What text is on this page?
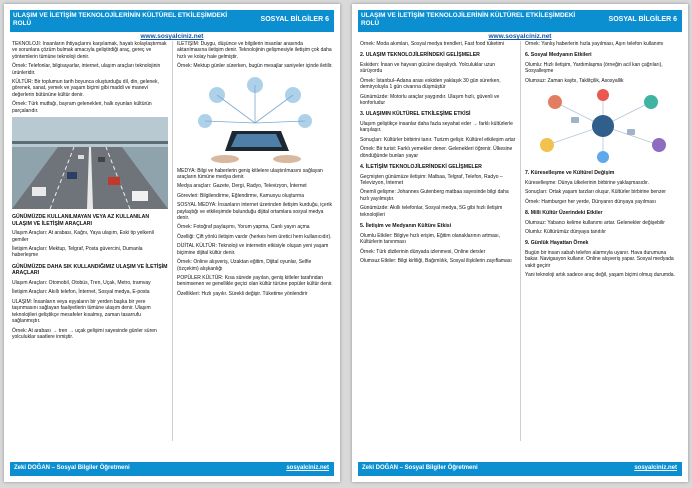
ULAŞIM VE İLETİŞİM TEKNOLOJİLERİNİN KÜLTÜREL ETKİLEŞİMDEKİ ROLÜ
SOSYAL BİLGİLER 6
www.sosyalciniz.net

TEKNOLOJİ: İnsanların ihtiyaçlarını karşılamak, hayatı kolaylaştırmak ve sorunlara çözüm bulmak amacıyla geliştirdiği araç, gereç ve yöntemlerin tümüne teknoloji denir.

Örnek: Telefonlar, bilgisayarlar, internet, ulaşım araçları teknolojinin ürünleridir.

KÜLTÜR: Bir toplumun tarih boyunca oluşturduğu dil, din, gelenek, görenek, sanat, yemek ve yaşam biçimi gibi maddi ve manevi değerlerin bütününe kültür denir.

Örnek: Türk mutfağı, bayram gelenekleri, halk oyunları kültürün parçalarıdır.

GÜNÜMÜZDE KULLANILMAYAN VEYA AZ KULLANILAN ULAŞIM VE İLETİŞİM ARAÇLARI

Ulaşım Araçları: At arabası, Kağnı, Yaya ulaşım, Eski tip yelkenli gemiler

İletişim Araçları: Mektup, Telgraf, Posta güvercini, Dumanla haberleşme

GÜNÜMÜZDE DAHA SIK KULLANDIĞIMIZ ULAŞIM VE İLETİŞİM ARAÇLARI

Ulaşım Araçları: Otomobil, Otobüs, Tren, Uçak, Metro, tramvay

İletişim Araçları: Akıllı telefon, İnternet, Sosyal medya, E-posta

ULAŞIM: İnsanların veya eşyaların bir yerden başka bir yere taşınmasını sağlayan faaliyetlerin tümüne ulaşım denir. Ulaşım teknolojileri geliştikçe mesafeler kısalmış, zaman tasarrufu sağlanmıştır.

Örnek: At arabası → tren → uçak gelişimi sayesinde günler süren yolculuklar saatlere inmiştir.

İLETİŞİM: Duygu, düşünce ve bilgilerin insanlar arasında aktarılmasına iletişim denir. Teknolojinin gelişmesiyle iletişim çok daha hızlı ve kolay hale gelmiştir.

Örnek: Mektup günler sürerken, bugün mesajlar saniyeler içinde iletilir.

MEDYA: Bilgi ve haberlerin geniş kitlelere ulaştırılmasını sağlayan araçların tümüne medya denir.

Medya araçları: Gazete, Dergi, Radyo, Televizyon, İnternet

Görevleri: Bilgilendirme, Eğlendirme, Kamuoyu oluşturma

SOSYAL MEDYA: İnsanların internet üzerinden iletişim kurduğu, içerik paylaştığı ve etkileşimde bulunduğu dijital ortamlara sosyal medya denir.

Örnek: Fotoğraf paylaşımı, Yorum yapma, Canlı yayın açma

Özelliği: Çift yönlü iletişim vardır (herkes hem üretici hem kullanıcıdır).

DİJİTAL KÜLTÜR: Teknoloji ve internetin etkisiyle oluşan yeni yaşam biçimine dijital kültür denir.

Örnek: Online alışveriş, Uzaktan eğitim, Dijital oyunlar, Selfie (özçekim) alışkanlığı

POPÜLER KÜLTÜR: Kısa sürede yayılan, geniş kitleler tarafından benimsenen ve genellikle geçici olan kültür türüne popüler kültür denir.

Özellikleri: Hızlı yayılır. Sürekli değişir. Tüketime yönlendirir

Zeki DOĞAN – Sosyal Bilgiler Öğretmeni	sosyalciniz.net
ULAŞIM VE İLETİŞİM TEKNOLOJİLERİNİN KÜLTÜREL ETKİLEŞİMDEKİ ROLÜ
SOSYAL BİLGİLER 6
www.sosyalciniz.net

Örnek: Moda akımları, Sosyal medya trendleri, Fast food tüketimi

2. ULAŞIM TEKNOLOJİLERİNDEKİ GELİŞMELER

Eskiden: İnsan ve hayvan gücüne dayalıydı. Yolculuklar uzun sürüyordu

Örnek: İstanbul–Adana arası eskiden yaklaşık 30 gün sürerken, demiryoluyla 1 gün civarına düşmüştür

Günümüzde: Motorlu araçlar yaygındır. Ulaşım hızlı, güvenli ve konforludur

3. ULAŞIMIN KÜLTÜREL ETKİLEŞİME ETKİSİ

Ulaşım geliştikçe insanlar daha fazla seyahat eder → farklı kültürlerle karşılaşır.

Sonuçları: Kültürler birbirini tanır. Turizm gelişir. Kültürel etkileşim artar

Örnek: Bir turist: Farklı yemekler dener. Gelenekleri öğrenir. Ülkesine döndüğünde bunları yayar

4. İLETİŞİM TEKNOLOJİLERİNDEKİ GELİŞMELER

Geçmişten günümüze iletişim: Matbaa, Telgraf, Telefon, Radyo – Televizyon, İnternet

Önemli gelişme: Johannes Gutenberg matbaa sayesinde bilgi daha hızlı yayılmıştır.

Günümüzde: Akıllı telefonlar, Sosyal medya, 5G gibi hızlı iletişim teknolojileri

5. İletişim ve Medyanın Kültüre Etkisi

Olumlu Etkiler: Bilgiye hızlı erişim, Eğitim olanaklarının artması, Kültürlerin tanınması

Örnek: Türk dizilerinin dünyada izlenmesi, Online dersler

Olumsuz Etkiler: Bilgi kirliliği, Bağımlılık, Sosyal ilişkilerin zayıflaması

Örnek: Yanlış haberlerin hızla yayılması, Aşırı telefon kullanımı

6. Sosyal Medyanın Etkileri

Olumlu: Hızlı iletişim, Yardımlaşma (örneğin acil kan çağrıları), Sosyalleşme

Olumsuz: Zaman kaybı, Taklitçilik, Asosyallik

7. Küreselleşme ve Kültürel Değişim

Küreselleşme: Dünya ülkelerinin birbirine yaklaşmasıdır.

Sonuçları: Ortak yaşam tarzları oluşur. Kültürler birbirine benzer

Örnek: Hamburger her yerde, Dünyanın dünyaya yayılması

8. Milli Kültür Üzerindeki Etkiler

Olumsuz: Yabancı kelime kullanımı artar. Gelenekler değişebilir

Olumlu: Kültürümüz dünyaya tanıtılır

9. Günlük Hayattan Örnek

Bugün bir insan sabah telefon alarmıyla uyanır. Hava durumuna bakar. Navigasyon kullanır. Online alışveriş yapar. Sosyal medyada vakit geçirir

Yani teknoloji artık sadece araç değil, yaşam biçimi olmuş durumda.

Zeki DOĞAN – Sosyal Bilgiler Öğretmeni	sosyalciniz.net
